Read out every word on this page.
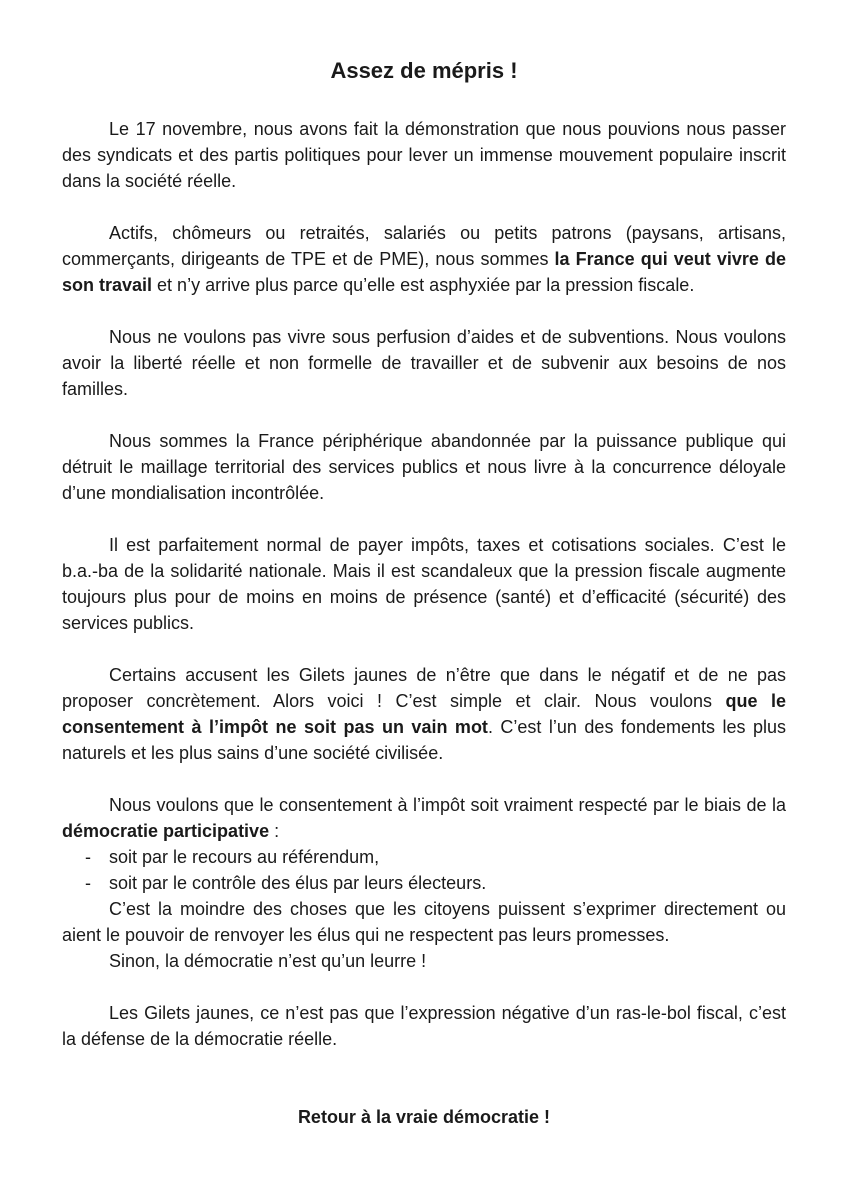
Assez de mépris !

Le 17 novembre, nous avons fait la démonstration que nous pouvions nous passer des syndicats et des partis politiques pour lever un immense mouvement populaire inscrit dans la société réelle.

Actifs, chômeurs ou retraités, salariés ou petits patrons (paysans, artisans, commerçants, dirigeants de TPE et de PME), nous sommes la France qui veut vivre de son travail et n’y arrive plus parce qu’elle est asphyxiée par la pression fiscale.

Nous ne voulons pas vivre sous perfusion d’aides et de subventions. Nous voulons avoir la liberté réelle et non formelle de travailler et de subvenir aux besoins de nos familles.

Nous sommes la France périphérique abandonnée par la puissance publique qui détruit le maillage territorial des services publics et nous livre à la concurrence déloyale d’une mondialisation incontrôlée.

Il est parfaitement normal de payer impôts, taxes et cotisations sociales. C’est le b.a.-ba de la solidarité nationale. Mais il est scandaleux que la pression fiscale augmente toujours plus pour de moins en moins de présence (santé) et d’efficacité (sécurité) des services publics.

Certains accusent les Gilets jaunes de n’être que dans le négatif et de ne pas proposer concrètement. Alors voici ! C’est simple et clair. Nous voulons que le consentement à l’impôt ne soit pas un vain mot. C’est l’un des fondements les plus naturels et les plus sains d’une société civilisée.

Nous voulons que le consentement à l’impôt soit vraiment respecté par le biais de la démocratie participative :

- soit par le recours au référendum,
- soit par le contrôle des élus par leurs électeurs.

C’est la moindre des choses que les citoyens puissent s’exprimer directement ou aient le pouvoir de renvoyer les élus qui ne respectent pas leurs promesses.

Sinon, la démocratie n’est qu’un leurre !

Les Gilets jaunes, ce n’est pas que l’expression négative d’un ras-le-bol fiscal, c’est la défense de la démocratie réelle.

Retour à la vraie démocratie !
